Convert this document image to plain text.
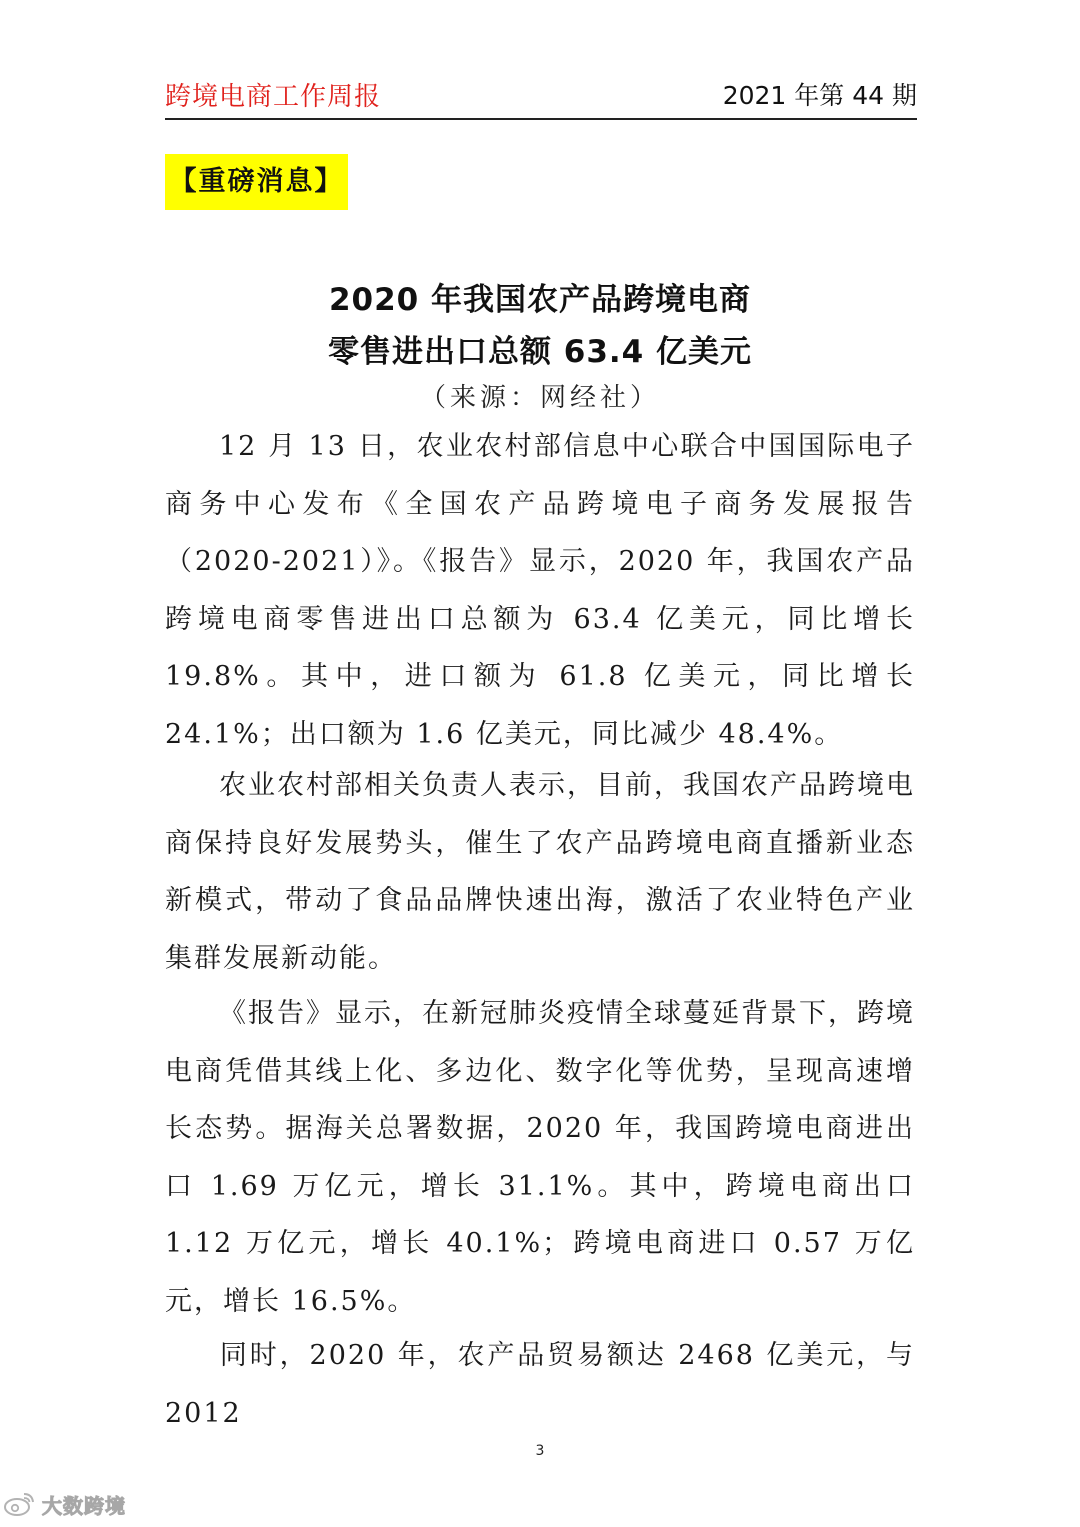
跨境电商工作周报	2021 年第 44 期
【重磅消息】
2020 年我国农产品跨境电商
零售进出口总额 63.4 亿美元
（来源：网经社）
12 月 13 日，农业农村部信息中心联合中国国际电子商务中心发布《全国农产品跨境电子商务发展报告（2020-2021）》。《报告》显示，2020 年，我国农产品跨境电商零售进出口总额为 63.4 亿美元，同比增长 19.8%。其中，进口额为 61.8 亿美元，同比增长 24.1%；出口额为 1.6 亿美元，同比减少 48.4%。
农业农村部相关负责人表示，目前，我国农产品跨境电商保持良好发展势头，催生了农产品跨境电商直播新业态新模式，带动了食品品牌快速出海，激活了农业特色产业集群发展新动能。
《报告》显示，在新冠肺炎疫情全球蔓延背景下，跨境电商凭借其线上化、多边化、数字化等优势，呈现高速增长态势。据海关总署数据，2020 年，我国跨境电商进出口 1.69 万亿元，增长 31.1%。其中，跨境电商出口 1.12 万亿元，增长 40.1%；跨境电商进口 0.57 万亿元，增长 16.5%。
同时，2020 年，农产品贸易额达 2468 亿美元，与 2012
3
大数跨境
